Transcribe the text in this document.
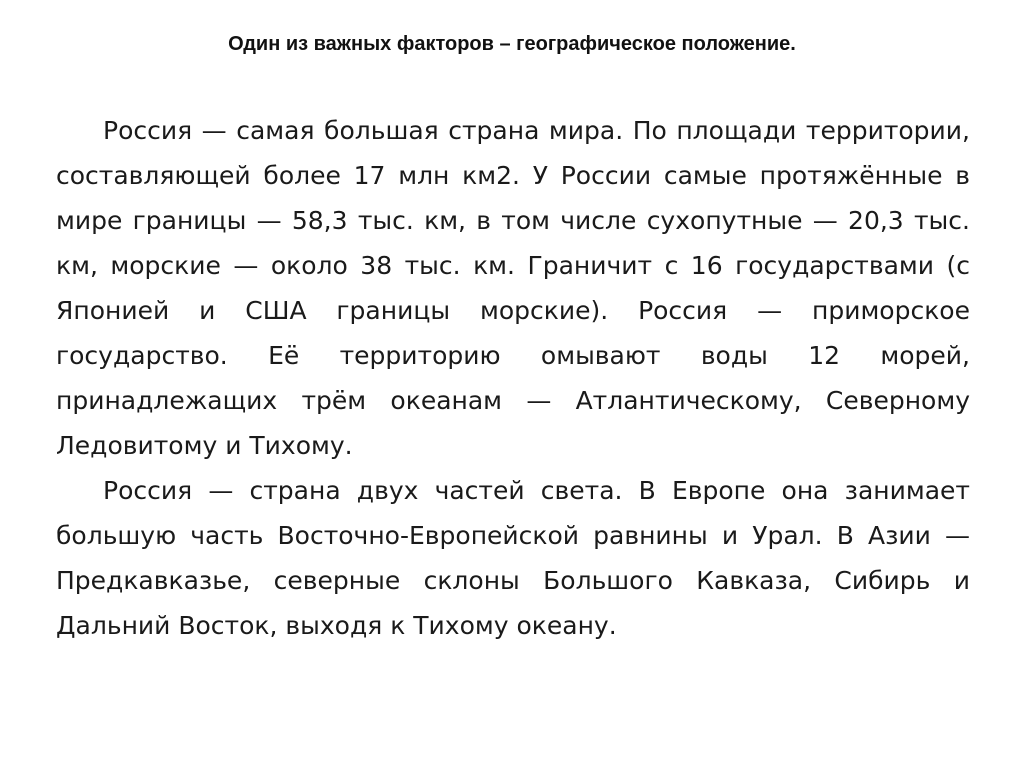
Один из важных факторов – географическое положение.

Россия — самая большая страна мира. По площади территории, составляющей более 17 млн км2. У России самые протяжённые в мире границы — 58,3 тыс. км, в том числе сухопутные — 20,3 тыс. км, морские — около 38 тыс. км. Граничит с 16 государствами (с Японией и США границы морские). Россия — приморское государство. Её территорию омывают воды 12 морей, принадлежащих трём океанам — Атлантическому, Северному Ледовитому и Тихому.

Россия — страна двух частей света. В Европе она занимает большую часть Восточно-Европейской равнины и Урал. В Азии — Предкавказье, северные склоны Большого Кавказа, Сибирь и Дальний Восток, выходя к Тихому океану.
